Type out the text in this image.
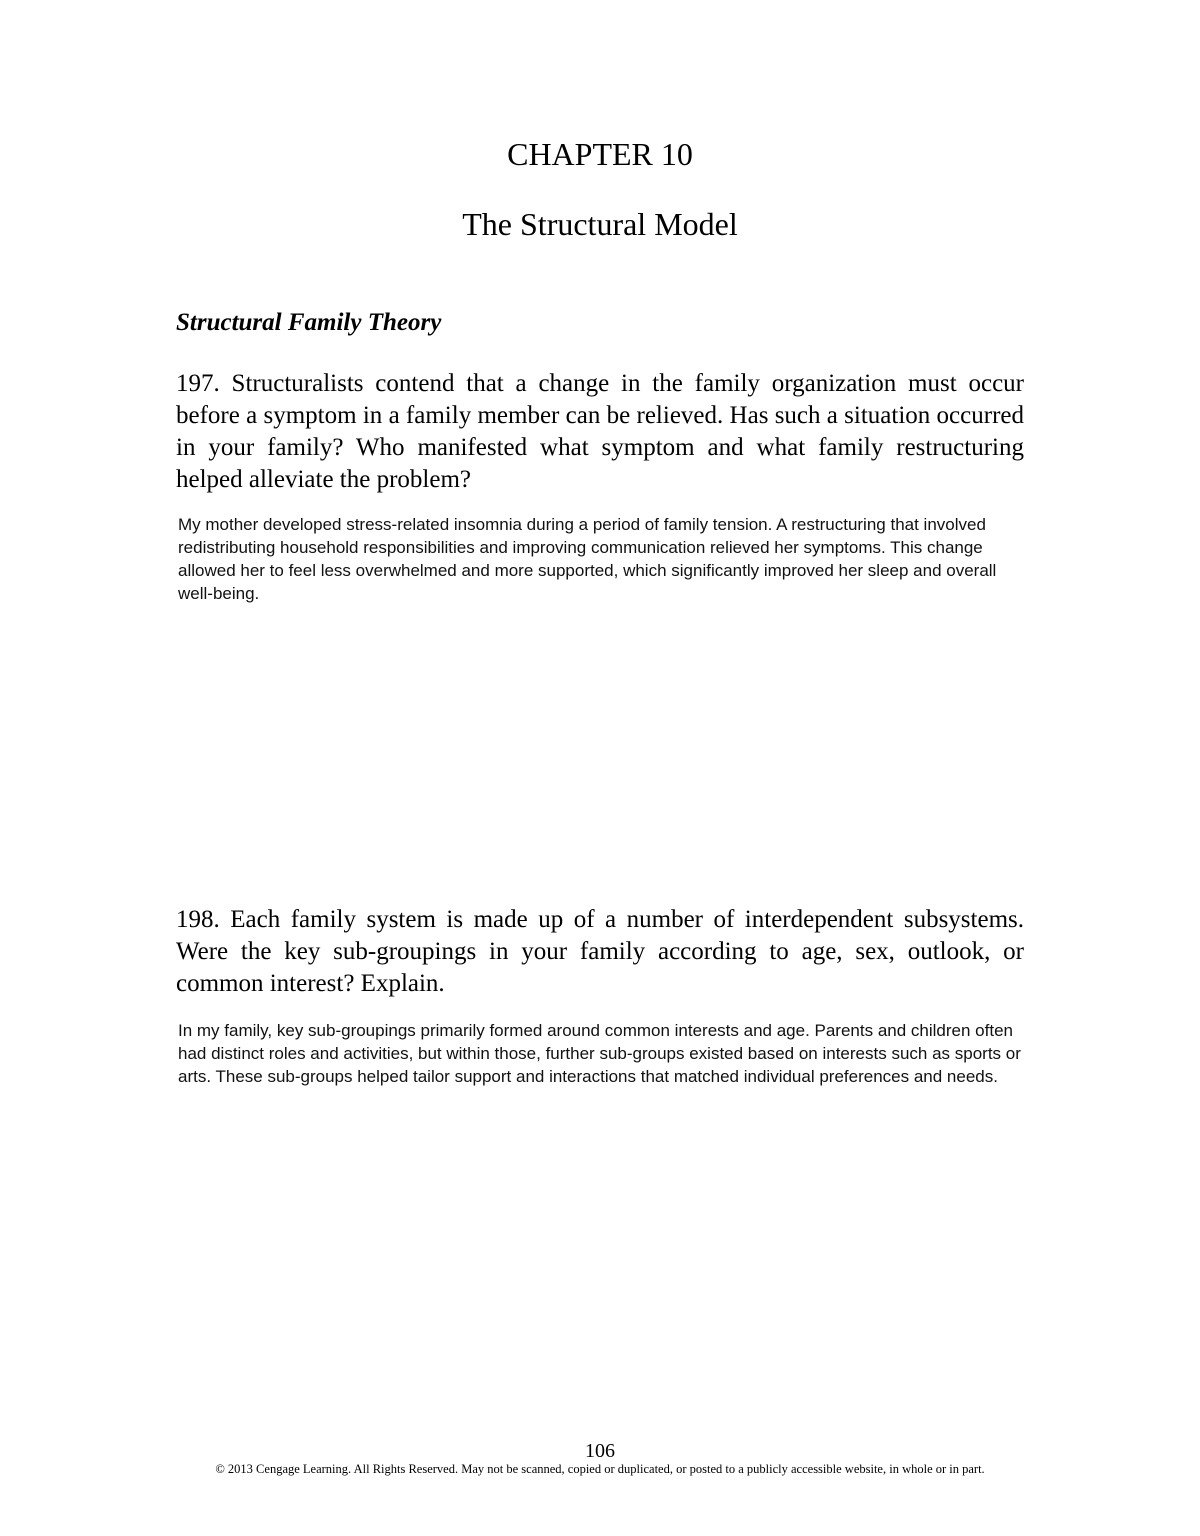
CHAPTER 10
The Structural Model
Structural Family Theory
197. Structuralists contend that a change in the family organization must occur before a symptom in a family member can be relieved. Has such a situation occurred in your family? Who manifested what symptom and what family restructuring helped alleviate the problem?
My mother developed stress-related insomnia during a period of family tension. A restructuring that involved redistributing household responsibilities and improving communication relieved her symptoms. This change allowed her to feel less overwhelmed and more supported, which significantly improved her sleep and overall well-being.
198. Each family system is made up of a number of interdependent subsystems. Were the key sub-groupings in your family according to age, sex, outlook, or common interest? Explain.
In my family, key sub-groupings primarily formed around common interests and age. Parents and children often had distinct roles and activities, but within those, further sub-groups existed based on interests such as sports or arts. These sub-groups helped tailor support and interactions that matched individual preferences and needs.
106
© 2013 Cengage Learning. All Rights Reserved. May not be scanned, copied or duplicated, or posted to a publicly accessible website, in whole or in part.
